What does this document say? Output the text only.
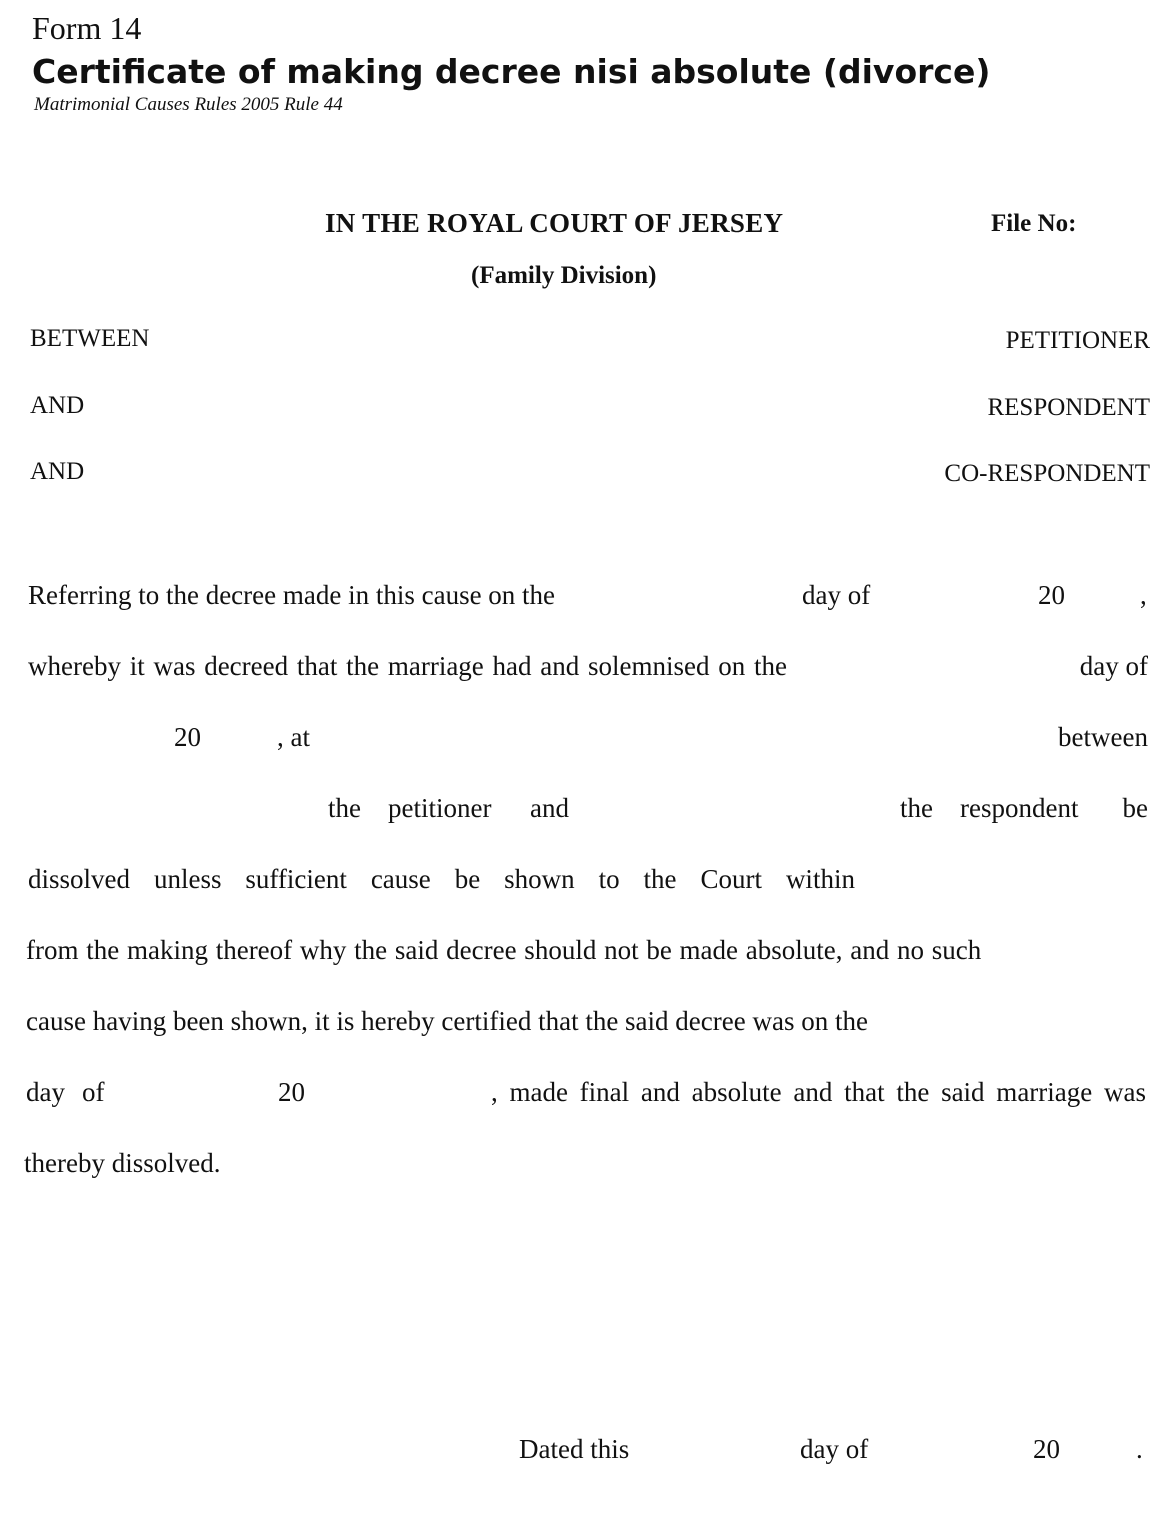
Form 14
Certificate of making decree nisi absolute (divorce)
Matrimonial Causes Rules 2005 Rule 44
IN THE ROYAL COURT OF JERSEY	File No:
(Family Division)
BETWEEN	PETITIONER
AND	RESPONDENT
AND	CO-RESPONDENT
Referring to the decree made in this cause on the	day of	20	,
whereby it was decreed that the marriage had and solemnised on the	day of
20	, at	between
the petitioner and	the respondent be
dissolved unless sufficient cause be shown to the Court within
from the making thereof why the said decree should not be made absolute, and no such
cause having been shown, it is hereby certified that the said decree was on the
day of	20	, made final and absolute and that the said marriage was
thereby dissolved.
Dated this	day of	20	.
